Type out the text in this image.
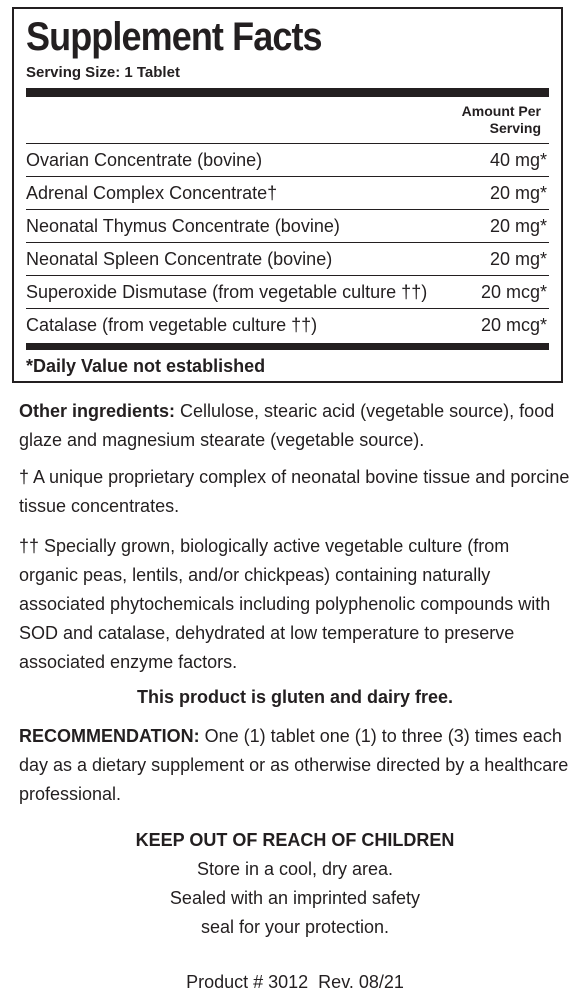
Supplement Facts
Serving Size: 1 Tablet
Amount Per
Serving
Ovarian Concentrate (bovine)	40 mg*
Adrenal Complex Concentrate†	20 mg*
Neonatal Thymus Concentrate (bovine)	20 mg*
Neonatal Spleen Concentrate (bovine)	20 mg*
Superoxide Dismutase (from vegetable culture ††)	20 mcg*
Catalase (from vegetable culture ††)	20 mcg*
*Daily Value not established

Other ingredients: Cellulose, stearic acid (vegetable source), food glaze and magnesium stearate (vegetable source).

† A unique proprietary complex of neonatal bovine tissue and porcine tissue concentrates.

†† Specially grown, biologically active vegetable culture (from organic peas, lentils, and/or chickpeas) containing naturally associated phytochemicals including polyphenolic compounds with SOD and catalase, dehydrated at low temperature to preserve associated enzyme factors.

This product is gluten and dairy free.

RECOMMENDATION: One (1) tablet one (1) to three (3) times each day as a dietary supplement or as otherwise directed by a healthcare professional.

KEEP OUT OF REACH OF CHILDREN
Store in a cool, dry area.
Sealed with an imprinted safety
seal for your protection.

Product # 3012  Rev. 08/21
